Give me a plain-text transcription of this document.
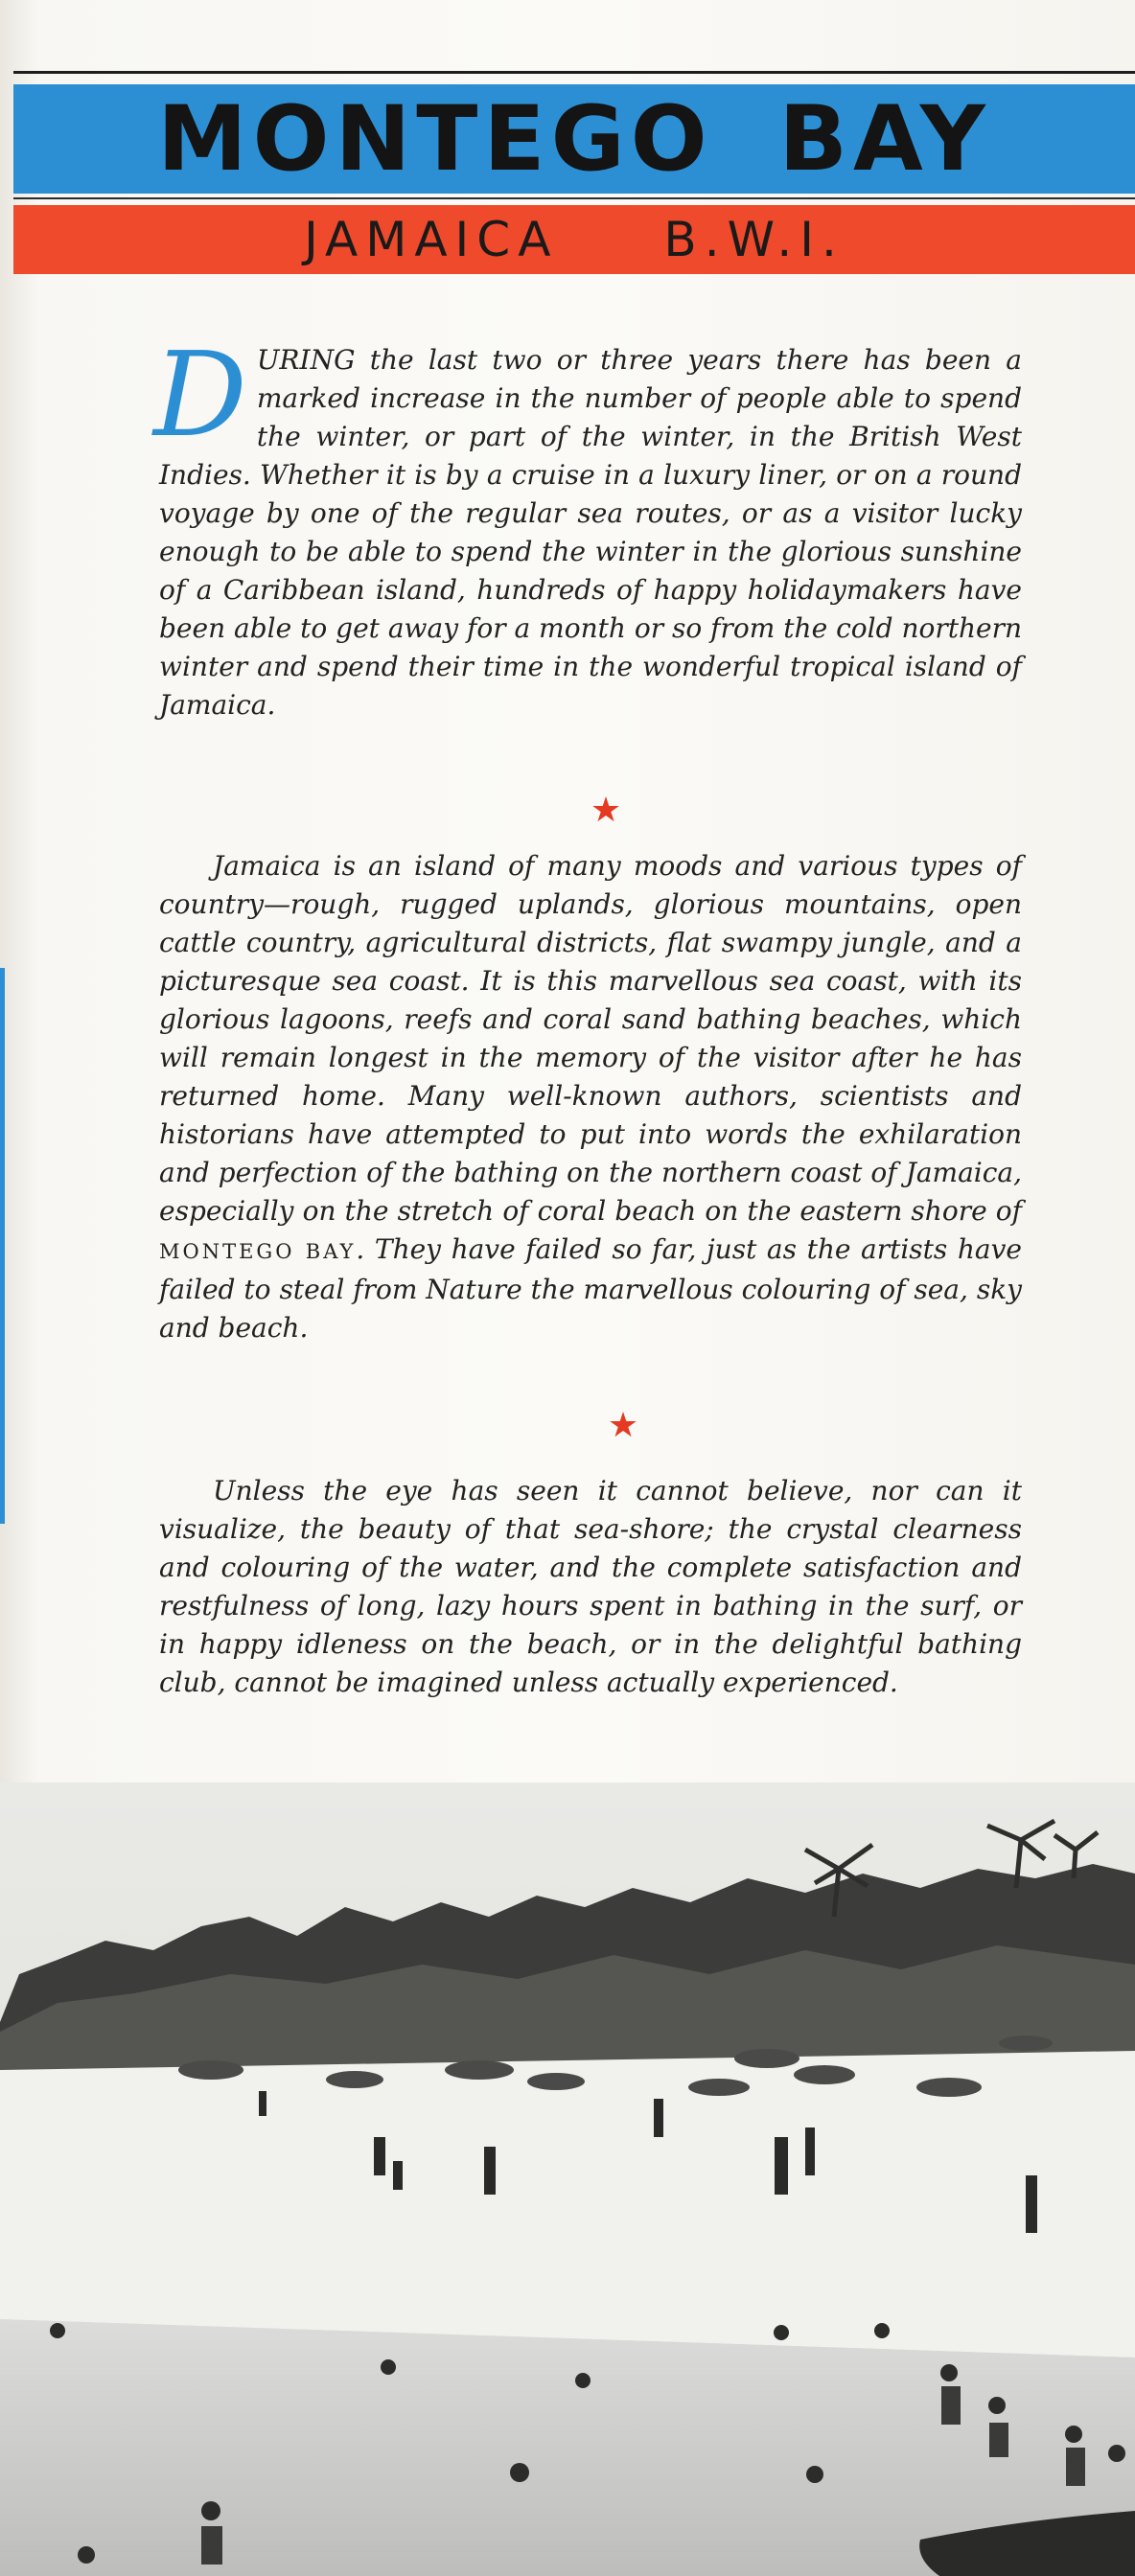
MONTEGO BAY
JAMAICA B.W.I.
DURING the last two or three years there has been a marked increase in the number of people able to spend the winter, or part of the winter, in the British West Indies. Whether it is by a cruise in a luxury liner, or on a round voyage by one of the regular sea routes, or as a visitor lucky enough to be able to spend the winter in the glorious sunshine of a Caribbean island, hundreds of happy holidaymakers have been able to get away for a month or so from the cold northern winter and spend their time in the wonderful tropical island of Jamaica.
★
Jamaica is an island of many moods and various types of country—rough, rugged uplands, glorious mountains, open cattle country, agricultural districts, flat swampy jungle, and a picturesque sea coast. It is this marvellous sea coast, with its glorious lagoons, reefs and coral sand bathing beaches, which will remain longest in the memory of the visitor after he has returned home. Many well-known authors, scientists and historians have attempted to put into words the exhilaration and perfection of the bathing on the northern coast of Jamaica, especially on the stretch of coral beach on the eastern shore of MONTEGO BAY. They have failed so far, just as the artists have failed to steal from Nature the marvellous colouring of sea, sky and beach.
★
Unless the eye has seen it cannot believe, nor can it visualize, the beauty of that sea-shore; the crystal clearness and colouring of the water, and the complete satisfaction and restfulness of long, lazy hours spent in bathing in the surf, or in happy idleness on the beach, or in the delightful bathing club, cannot be imagined unless actually experienced.
